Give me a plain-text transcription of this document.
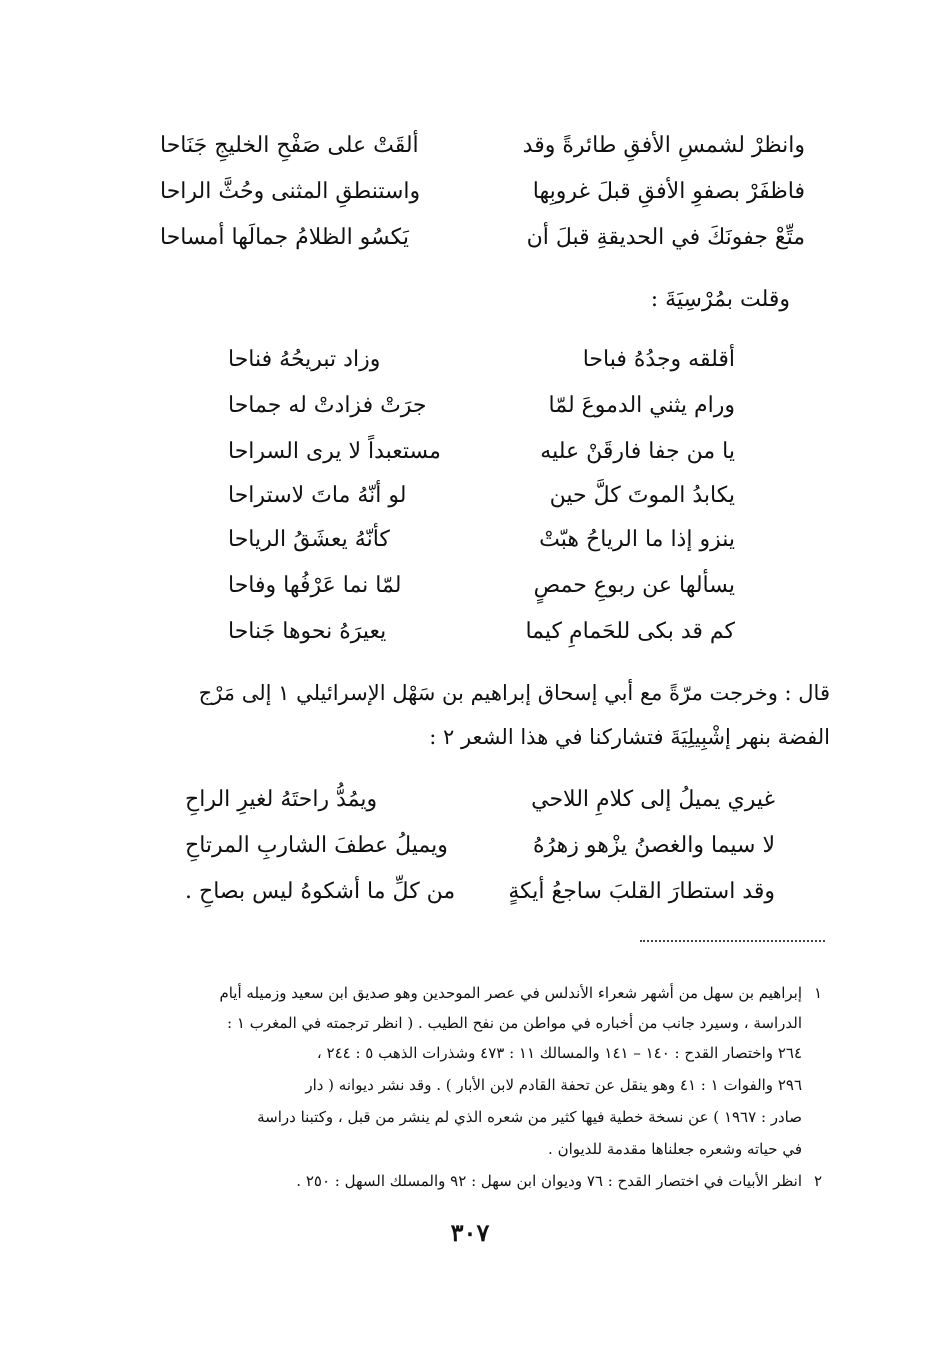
وانظرْ لشمسِ الأفقِ طائرةً وقد
ألقَتْ على صَفْحِ الخليجِ جَنَاحا
فاظفَرْ بصفوِ الأفقِ قبلَ غروبِها
واستنطقِ المثنى وحُثَّ الراحا
متِّعْ جفونَكَ في الحديقةِ قبلَ أن
يَكسُو الظلامُ جمالَها أمساحا
وقلت بمُرْسِيَةَ :
أقلقه وجدُهُ فباحا
وزاد تبريحُهُ فناحا
ورام يثني الدموعَ لمّا
جرَتْ فزادتْ له جماحا
يا من جفا فارقَنْ عليه
مستعبداً لا يرى السراحا
يكابدُ الموتَ كلَّ حين
لو أنّهُ ماتَ لاستراحا
ينزو إذا ما الرياحُ هبّتْ
كأنّهُ يعشَقُ الرياحا
يسألها عن ربوعِ حمصٍ
لمّا نما عَرْفُها وفاحا
كم قد بكى للحَمامِ كيما
يعيرَهُ نحوها جَناحا
قال : وخرجت مرّةً مع أبي إسحاق إبراهيم بن سَهْل الإسرائيلي ١ إلى مَرْج
الفضة بنهر إشْبِيلِيَةَ فتشاركنا في هذا الشعر ٢ :
غيري يميلُ إلى كلامِ اللاحي
ويمُدُّ راحتَهُ لغيرِ الراحِ
لا سيما والغصنُ يزْهو زهرُهُ
ويميلُ عطفَ الشاربِ المرتاحِ
وقد استطارَ القلبَ ساجعُ أيكةٍ
من كلِّ ما أشكوهُ ليس بصاحِ .
١
إبراهيم بن سهل من أشهر شعراء الأندلس في عصر الموحدين وهو صديق ابن سعيد وزميله أيام
الدراسة ، وسيرد جانب من أخباره في مواطن من نفح الطيب . ( انظر ترجمته في المغرب ١ :
٢٦٤ واختصار القدح : ١٤٠ – ١٤١ والمسالك ١١ : ٤٧٣ وشذرات الذهب ٥ : ٢٤٤ ،
٢٩٦ والفوات ١ : ٤١ وهو ينقل عن تحفة القادم لابن الأبار ) . وقد نشر ديوانه ( دار
صادر : ١٩٦٧ ) عن نسخة خطية فيها كثير من شعره الذي لم ينشر من قبل ، وكتبنا دراسة
في حياته وشعره جعلناها مقدمة للديوان .
٢
انظر الأبيات في اختصار القدح : ٧٦ وديوان ابن سهل : ٩٢ والمسلك السهل : ٢٥٠ .
٣٠٧
